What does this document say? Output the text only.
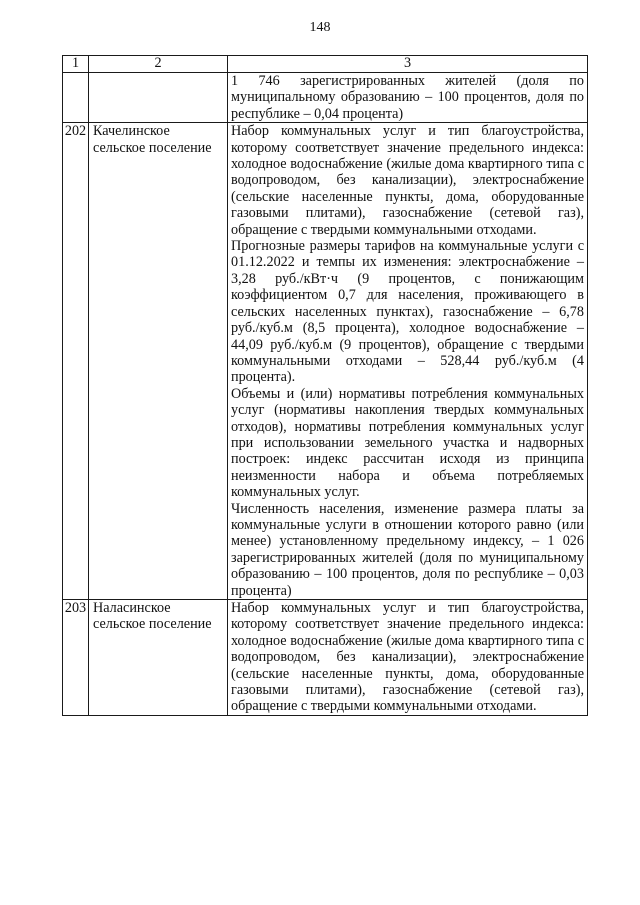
148
1	2	3

		1 746 зарегистрированных жителей (доля по муниципальному образованию – 100 процентов, доля по республике – 0,04 процента)

202	Качелинское сельское поселение	Набор коммунальных услуг и тип благоустройства, которому соответствует значение предельного индекса: холодное водоснабжение (жилые дома квартирного типа с водопроводом, без канализации), электроснабжение (сельские населенные пункты, дома, оборудованные газовыми плитами), газоснабжение (сетевой газ), обращение с твердыми коммунальными отходами.

Прогнозные размеры тарифов на коммунальные услуги с 01.12.2022 и темпы их изменения: электроснабжение – 3,28 руб./кВт·ч (9 процентов, с понижающим коэффициентом 0,7 для населения, проживающего в сельских населенных пунктах), газоснабжение – 6,78 руб./куб.м (8,5 процента), холодное водоснабжение – 44,09 руб./куб.м (9 процентов), обращение с твердыми коммунальными отходами – 528,44 руб./куб.м (4 процента).

Объемы и (или) нормативы потребления коммунальных услуг (нормативы накопления твердых коммунальных отходов), нормативы потребления коммунальных услуг при использовании земельного участка и надворных построек: индекс рассчитан исходя из принципа неизменности набора и объема потребляемых коммунальных услуг.

Численность населения, изменение размера платы за коммунальные услуги в отношении которого равно (или менее) установленному предельному индексу, – 1 026 зарегистрированных жителей (доля по муниципальному образованию – 100 процентов, доля по республике – 0,03 процента)

203	Наласинское сельское поселение	Набор коммунальных услуг и тип благоустройства, которому соответствует значение предельного индекса: холодное водоснабжение (жилые дома квартирного типа с водопроводом, без канализации), электроснабжение (сельские населенные пункты, дома, оборудованные газовыми плитами), газоснабжение (сетевой газ), обращение с твердыми коммунальными отходами.
